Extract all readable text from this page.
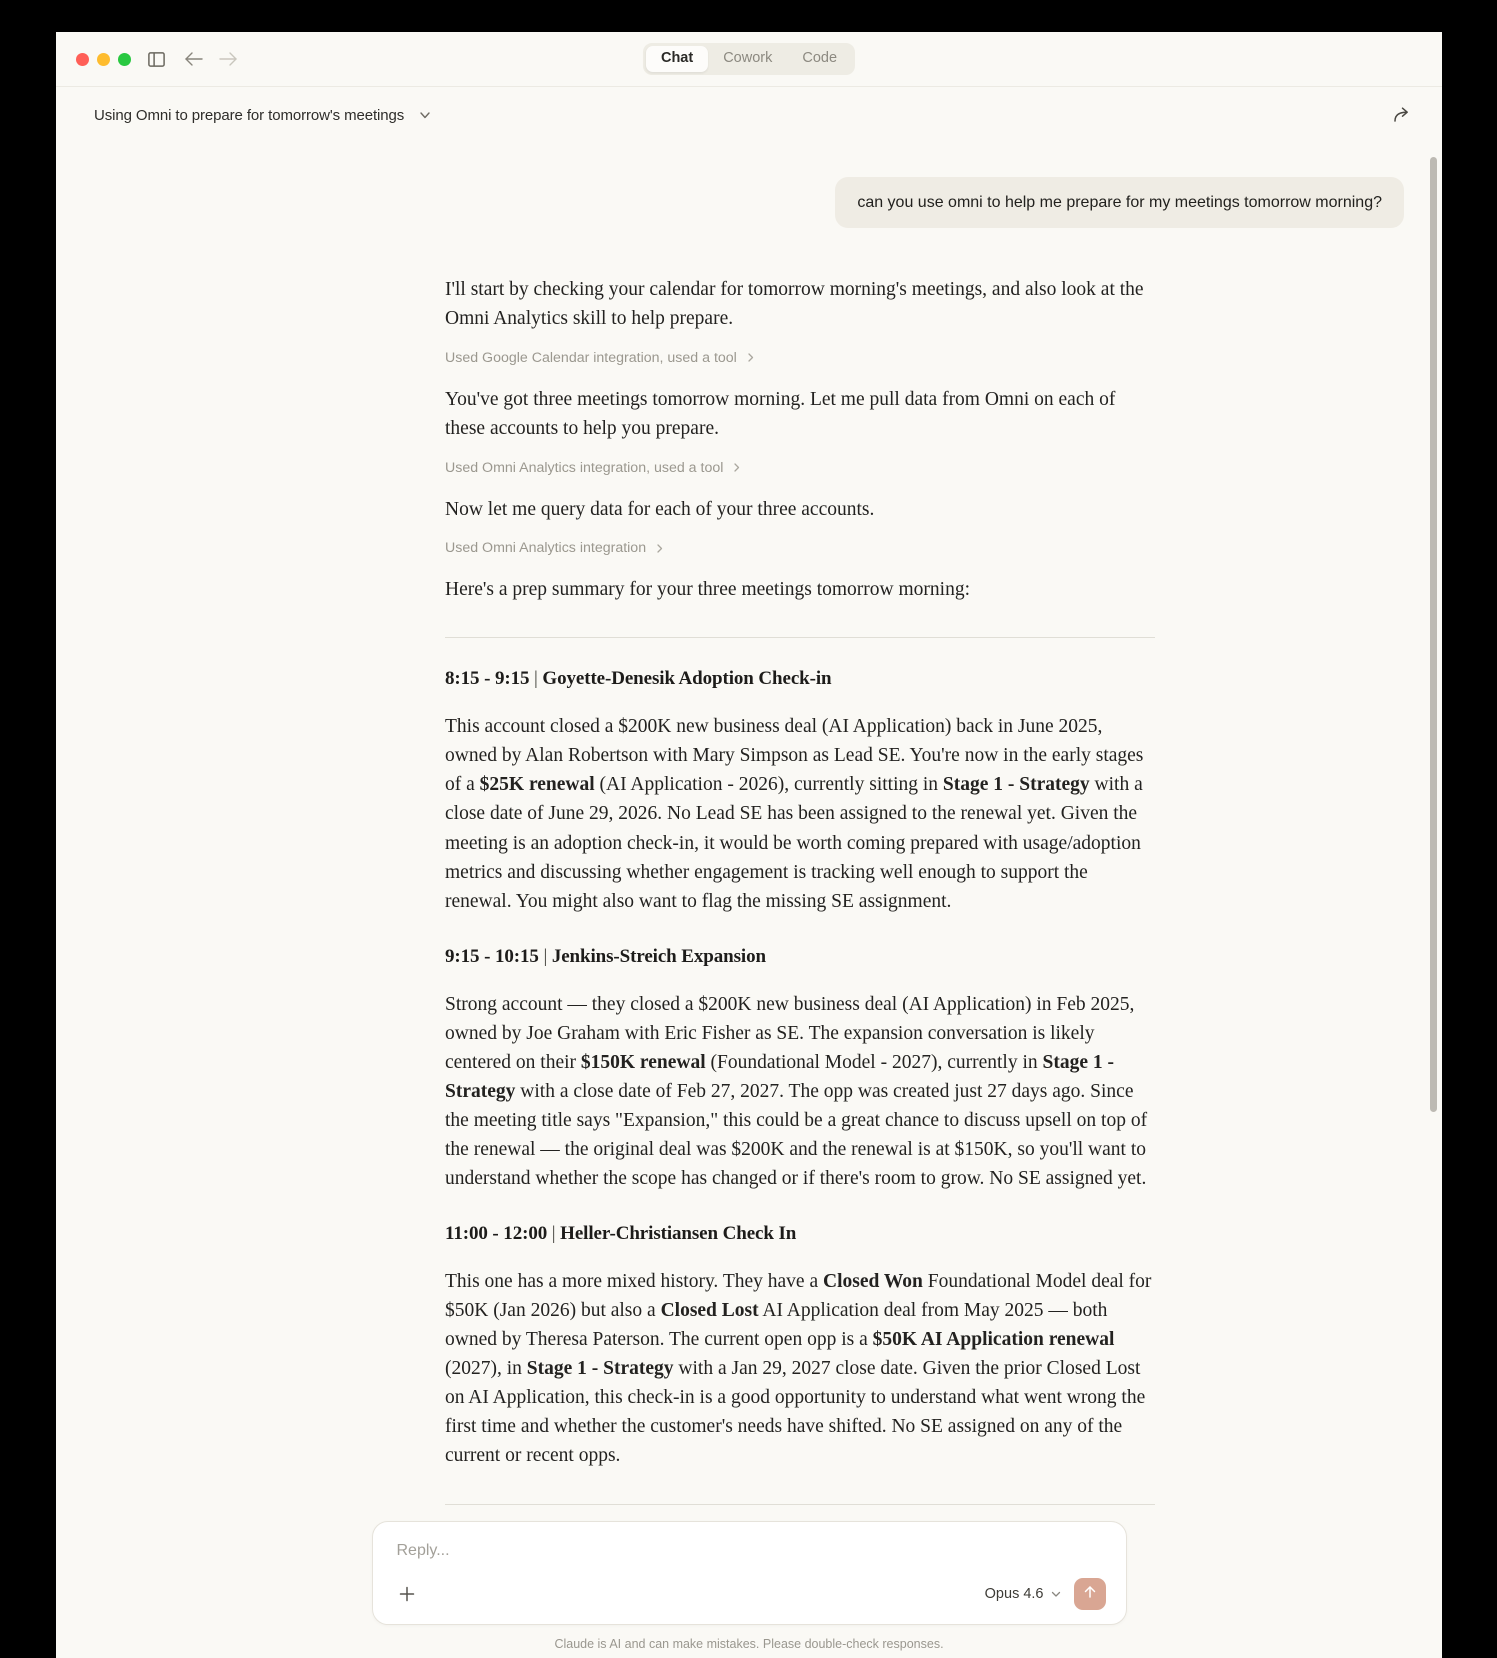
Chat	Cowork	Code
Using Omni to prepare for tomorrow's meetings
can you use omni to help me prepare for my meetings tomorrow morning?

I'll start by checking your calendar for tomorrow morning's meetings, and also look at the Omni Analytics skill to help prepare.

Used Google Calendar integration, used a tool

You've got three meetings tomorrow morning. Let me pull data from Omni on each of these accounts to help you prepare.

Used Omni Analytics integration, used a tool

Now let me query data for each of your three accounts.

Used Omni Analytics integration

Here's a prep summary for your three meetings tomorrow morning:

8:15 - 9:15 | Goyette-Denesik Adoption Check-in

This account closed a $200K new business deal (AI Application) back in June 2025, owned by Alan Robertson with Mary Simpson as Lead SE. You're now in the early stages of a $25K renewal (AI Application - 2026), currently sitting in Stage 1 - Strategy with a close date of June 29, 2026. No Lead SE has been assigned to the renewal yet. Given the meeting is an adoption check-in, it would be worth coming prepared with usage/adoption metrics and discussing whether engagement is tracking well enough to support the renewal. You might also want to flag the missing SE assignment.

9:15 - 10:15 | Jenkins-Streich Expansion

Strong account — they closed a $200K new business deal (AI Application) in Feb 2025, owned by Joe Graham with Eric Fisher as SE. The expansion conversation is likely centered on their $150K renewal (Foundational Model - 2027), currently in Stage 1 - Strategy with a close date of Feb 27, 2027. The opp was created just 27 days ago. Since the meeting title says "Expansion," this could be a great chance to discuss upsell on top of the renewal — the original deal was $200K and the renewal is at $150K, so you'll want to understand whether the scope has changed or if there's room to grow. No SE assigned yet.

11:00 - 12:00 | Heller-Christiansen Check In

This one has a more mixed history. They have a Closed Won Foundational Model deal for $50K (Jan 2026) but also a Closed Lost AI Application deal from May 2025 — both owned by Theresa Paterson. The current open opp is a $50K AI Application renewal (2027), in Stage 1 - Strategy with a Jan 29, 2027 close date. Given the prior Closed Lost on AI Application, this check-in is a good opportunity to understand what went wrong the first time and whether the customer's needs have shifted. No SE assigned on any of the current or recent opps.

Reply...
Opus 4.6
Claude is AI and can make mistakes. Please double-check responses.
